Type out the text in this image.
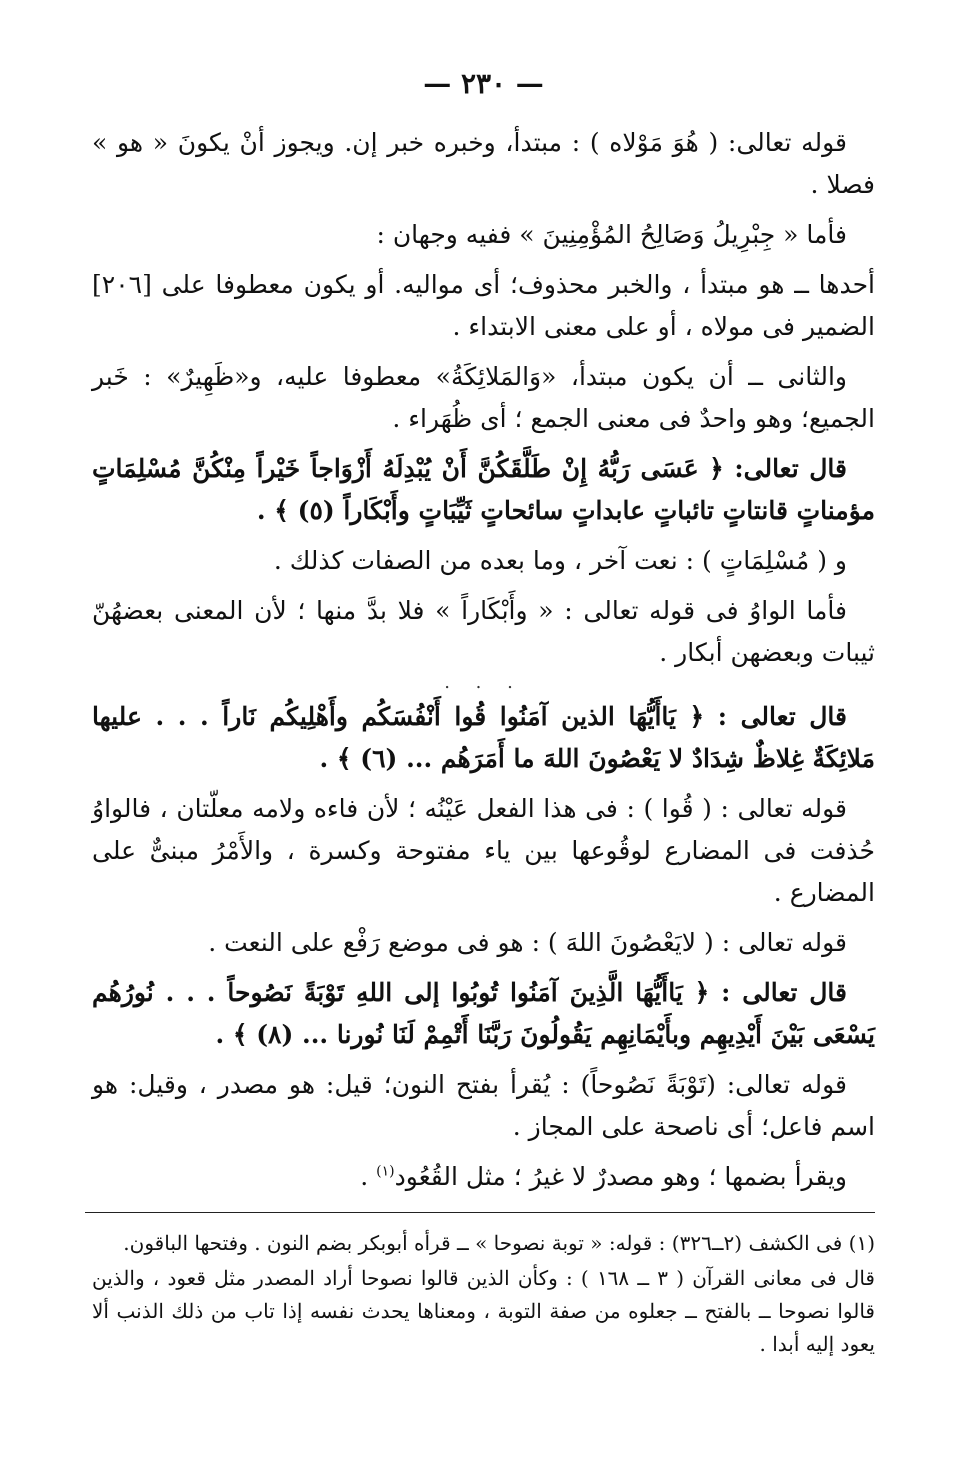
— ٢٣٠ —

قوله تعالى: ( هُوَ مَوْلاه ) : مبتدأ، وخبره خبر إن. ويجوز أنْ يكونَ « هو » فصلا .

فأما « جِبْرِيلُ وَصَالِحُ المُؤْمِنِينَ » ففيه وجهان :

أحدها ــ هو مبتدأ ، والخبر محذوف؛ أى مواليه. أو يكون معطوفا على [٢٠٦] الضمير فى مولاه ، أو على معنى الابتداء .

والثانى ــ أن يكون مبتدأ، «وَالمَلائِكَةُ» معطوفا عليه، و«ظَهِيرٌ» : خَبر الجميع؛ وهو واحدٌ فى معنى الجمع ؛ أى ظُهَراء .

قال تعالى: ﴿ عَسَى رَبُّهُ إِنْ طَلَّقَكُنَّ أَنْ يُبْدِلَهُ أَزْوَاجاً خَيْراً مِنْكُنَّ مُسْلِمَاتٍ مؤمناتٍ قانتاتٍ تائباتٍ عابداتٍ سائحاتٍ ثَيِّبَاتٍ وأَبْكَاراً (٥) ﴾ .

و ( مُسْلِمَاتٍ ) : نعت آخر ، وما بعده من الصفات كذلك .

فأما الواوُ فى قوله تعالى : « وأَبْكَاراً » فلا بدَّ منها ؛ لأن المعنى بعضهُنّ ثيبات وبعضهن أبكار .

. . .

قال تعالى : ﴿ يَاأَيُّهَا الذين آمَنُوا قُوا أَنْفُسَكُم وأَهْلِيكُم نَاراً . . . عليها مَلائِكَةٌ غِلاظٌ شِدَادٌ لا يَعْصُونَ اللهَ ما أَمَرَهُم ... (٦) ﴾ .

قوله تعالى : ( قُوا ) : فى هذا الفعل عَيْنُه ؛ لأن فاءه ولامه معلّتان ، فالواوُ حُذفت فى المضارع لوقُوعها بين ياء مفتوحة وكسرة ، والأَمْرُ مبنىٌّ على المضارع .

قوله تعالى : ( لايَعْصُونَ اللهَ ) : هو فى موضع رَفْع على النعت .

قال تعالى : ﴿ يَاأَيُّهَا الَّذِينَ آمَنُوا تُوبُوا إلى اللهِ تَوْبَةً نَصُوحاً . . . نُورُهُم يَسْعَى بَيْنَ أَيْدِيهِم وبأَيْمَانِهِم يَقُولُونَ رَبَّنَا أَتْمِمْ لَنَا نُورنا ... (٨) ﴾ .

قوله تعالى: (تَوْبَةً نَصُوحاً) : يُقرأ بفتح النون؛ قيل: هو مصدر ، وقيل: هو اسم فاعل؛ أى ناصحة على المجاز .

ويقرأ بضمها ؛ وهو مصدرٌ لا غيرُ ؛ مثل القُعُود$^{(١)}$ .

(١) فى الكشف (٢ــ٣٢٦) : قوله: « توبة نصوحا » ــ قرأه أبوبكر بضم النون . وفتحها الباقون.

قال فى معانى القرآن ( ٣ ــ ١٦٨ ) : وكأن الذين قالوا نصوحا أراد المصدر مثل قعود ، والذين قالوا نصوحا ــ بالفتح ــ جعلوه من صفة التوبة ، ومعناها يحدث نفسه إذا تاب من ذلك الذنب ألا يعود إليه أبدا .
